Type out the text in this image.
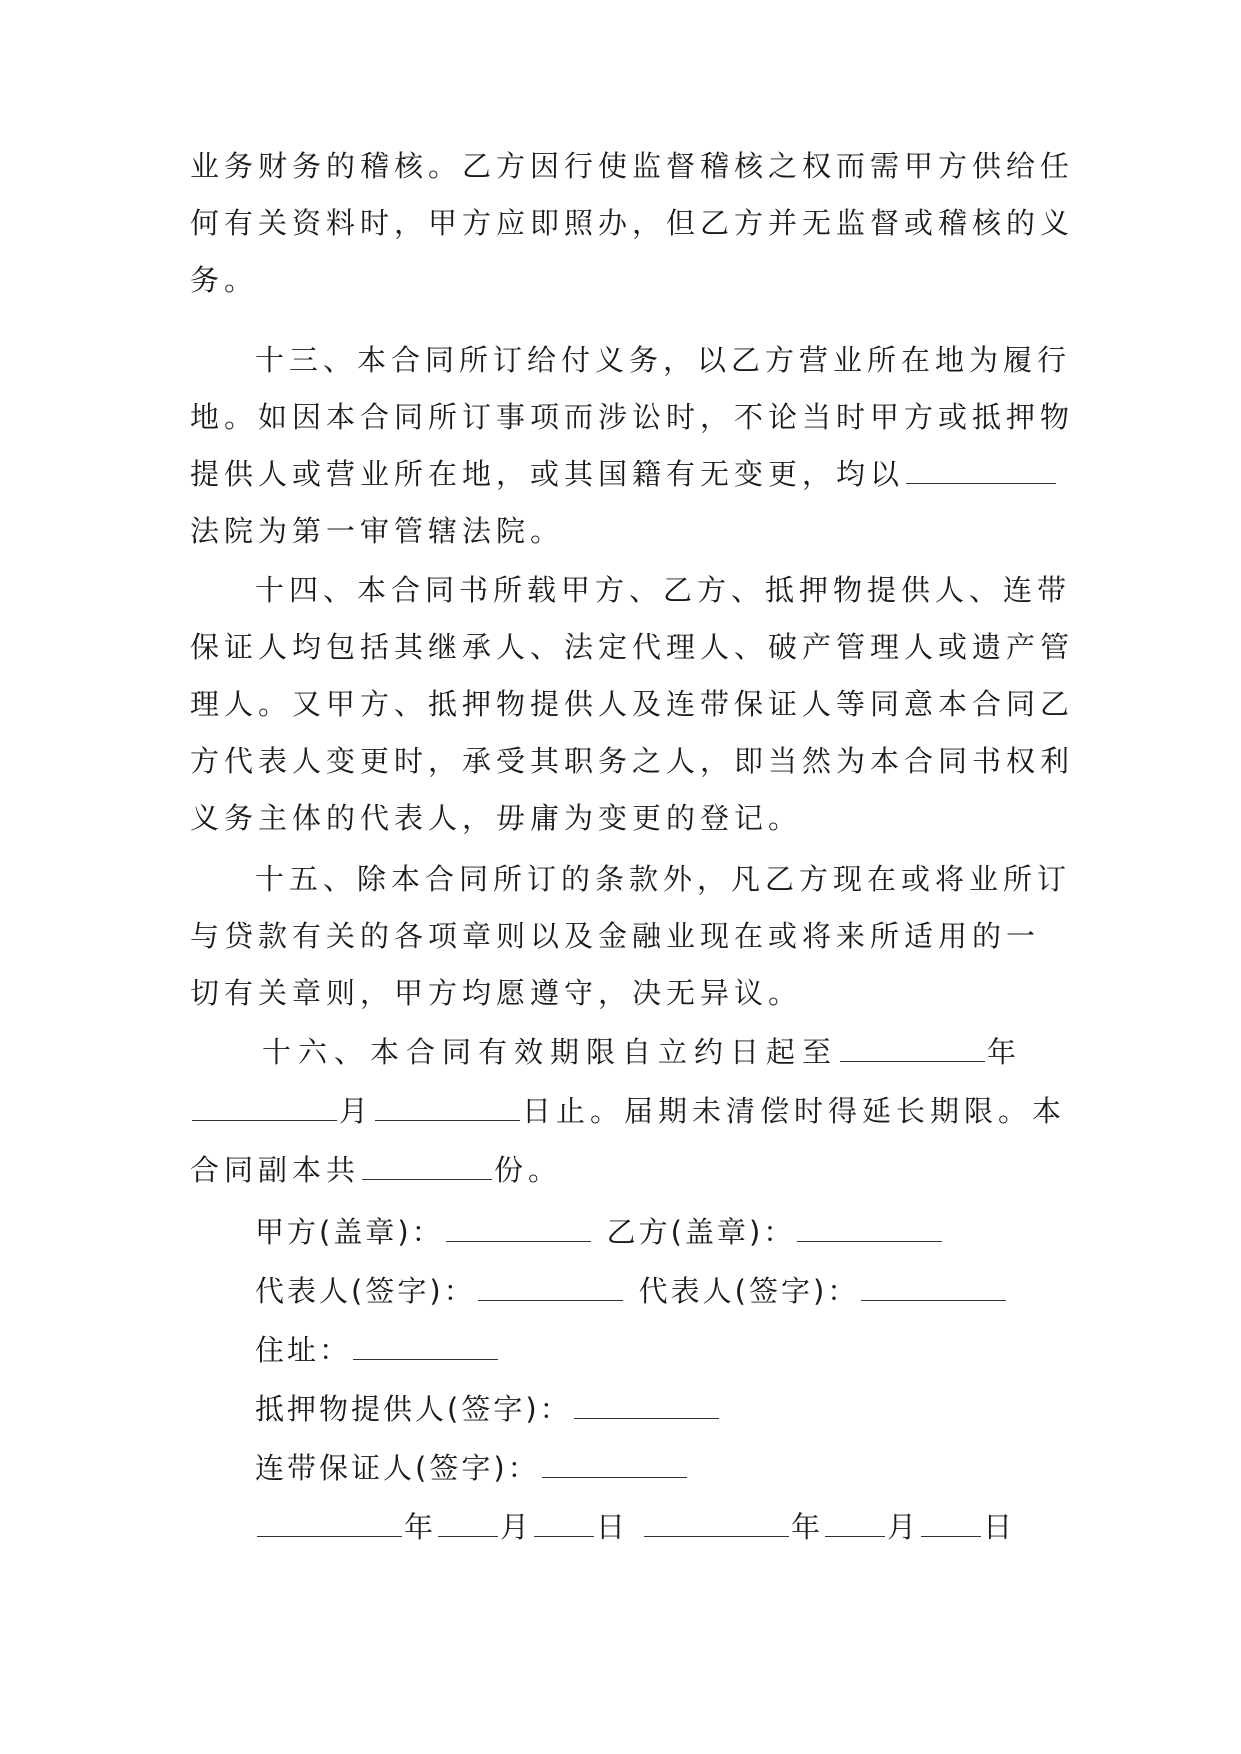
业务财务的稽核。乙方因行使监督稽核之权而需甲方供给任
何有关资料时，甲方应即照办，但乙方并无监督或稽核的义
务。
十三、本合同所订给付义务，以乙方营业所在地为履行
地。如因本合同所订事项而涉讼时，不论当时甲方或抵押物
提供人或营业所在地，或其国籍有无变更，均以
法院为第一审管辖法院。
十四、本合同书所载甲方、乙方、抵押物提供人、连带
保证人均包括其继承人、法定代理人、破产管理人或遗产管
理人。又甲方、抵押物提供人及连带保证人等同意本合同乙
方代表人变更时，承受其职务之人，即当然为本合同书权利
义务主体的代表人，毋庸为变更的登记。
十五、除本合同所订的条款外，凡乙方现在或将业所订
与贷款有关的各项章则以及金融业现在或将来所适用的一
切有关章则，甲方均愿遵守，决无异议。
十六、本合同有效期限自立约日起至	年
月	日止。届期未清偿时得延长期限。本
合同副本共	份。
甲方(盖章)：	乙方(盖章)：
代表人(签字)：	代表人(签字)：
住址：
抵押物提供人(签字)：
连带保证人(签字)：
年 月 日	年 月 日
